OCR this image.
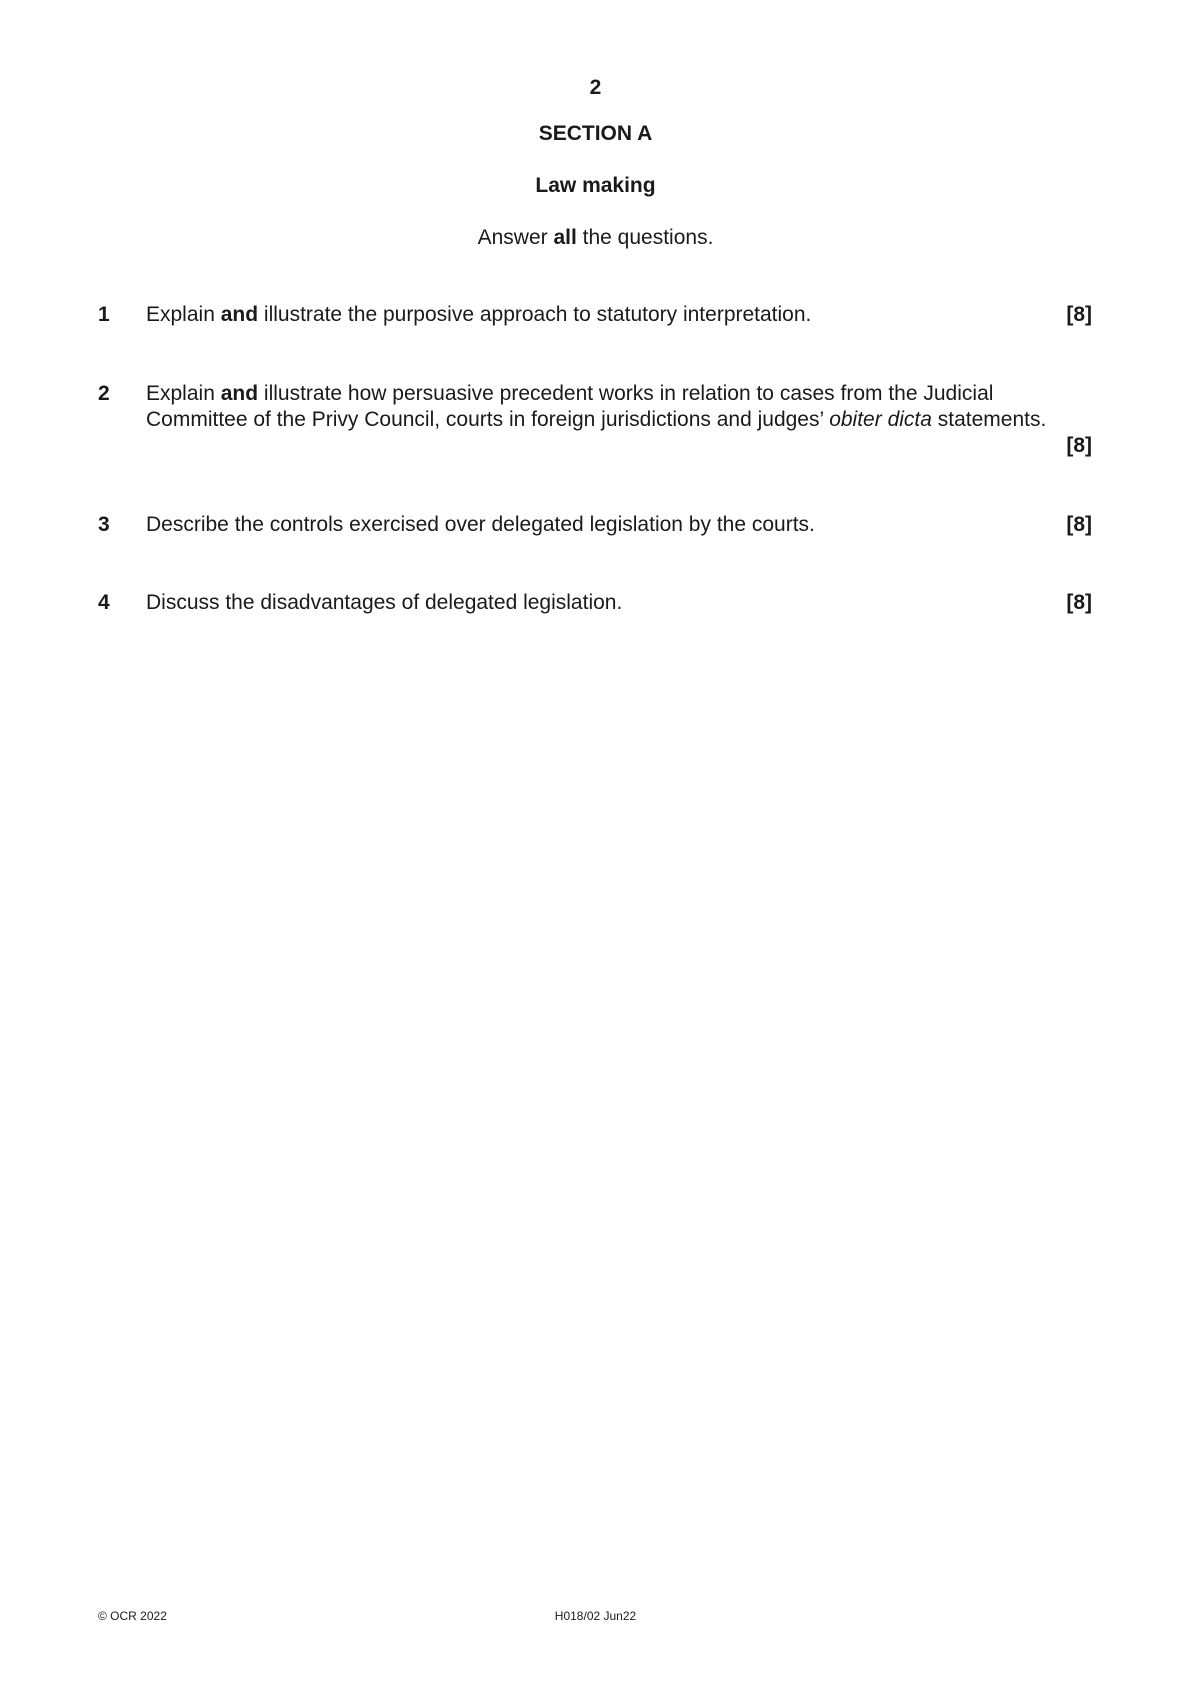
2
SECTION A
Law making
Answer all the questions.
1 Explain and illustrate the purposive approach to statutory interpretation.	[8]
2 Explain and illustrate how persuasive precedent works in relation to cases from the Judicial Committee of the Privy Council, courts in foreign jurisdictions and judges’ obiter dicta statements.
[8]
3 Describe the controls exercised over delegated legislation by the courts.	[8]
4 Discuss the disadvantages of delegated legislation.	[8]
© OCR 2022	H018/02 Jun22
